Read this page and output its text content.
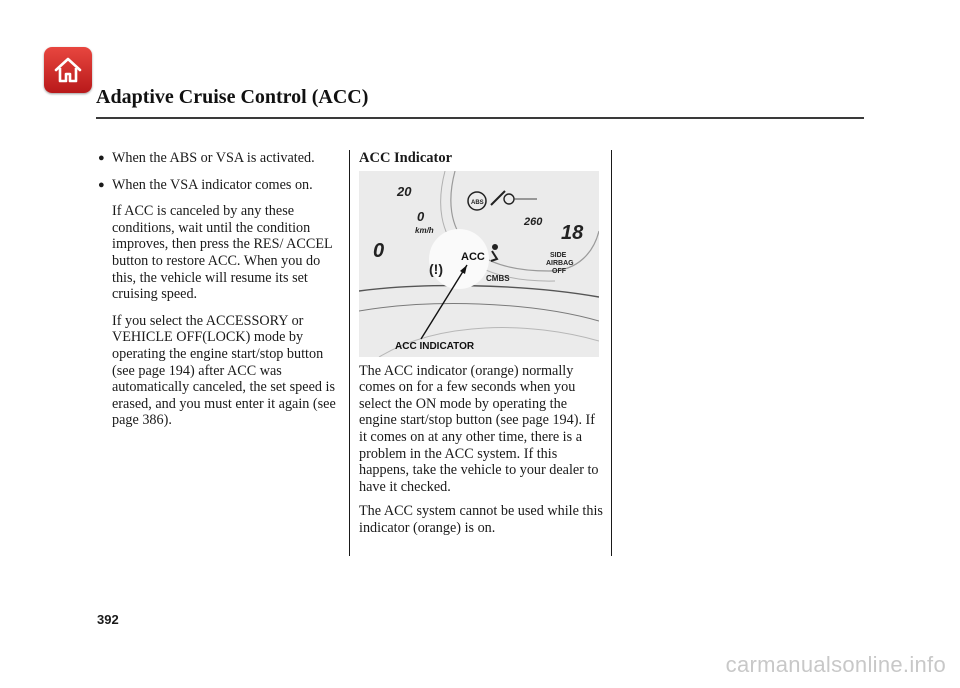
Adaptive Cruise Control (ACC)
● When the ABS or VSA is activated.
● When the VSA indicator comes on.

If ACC is canceled by any these conditions, wait until the condition improves, then press the RES/ ACCEL button to restore ACC. When you do this, the vehicle will resume its set cruising speed.

If you select the ACCESSORY or VEHICLE OFF(LOCK) mode by operating the engine start/stop button (see page 194) after ACC was automatically canceled, the set speed is erased, and you must enter it again (see page 386).

ACC Indicator
ABS
20
0
km/h
260
0
18
(!)
ACC
CMBS
SIDE
AIRBAG
OFF
ACC INDICATOR

The ACC indicator (orange) normally comes on for a few seconds when you select the ON mode by operating the engine start/stop button (see page 194). If it comes on at any other time, there is a problem in the ACC system. If this happens, take the vehicle to your dealer to have it checked.

The ACC system cannot be used while this indicator (orange) is on.

392
carmanualsonline.info
